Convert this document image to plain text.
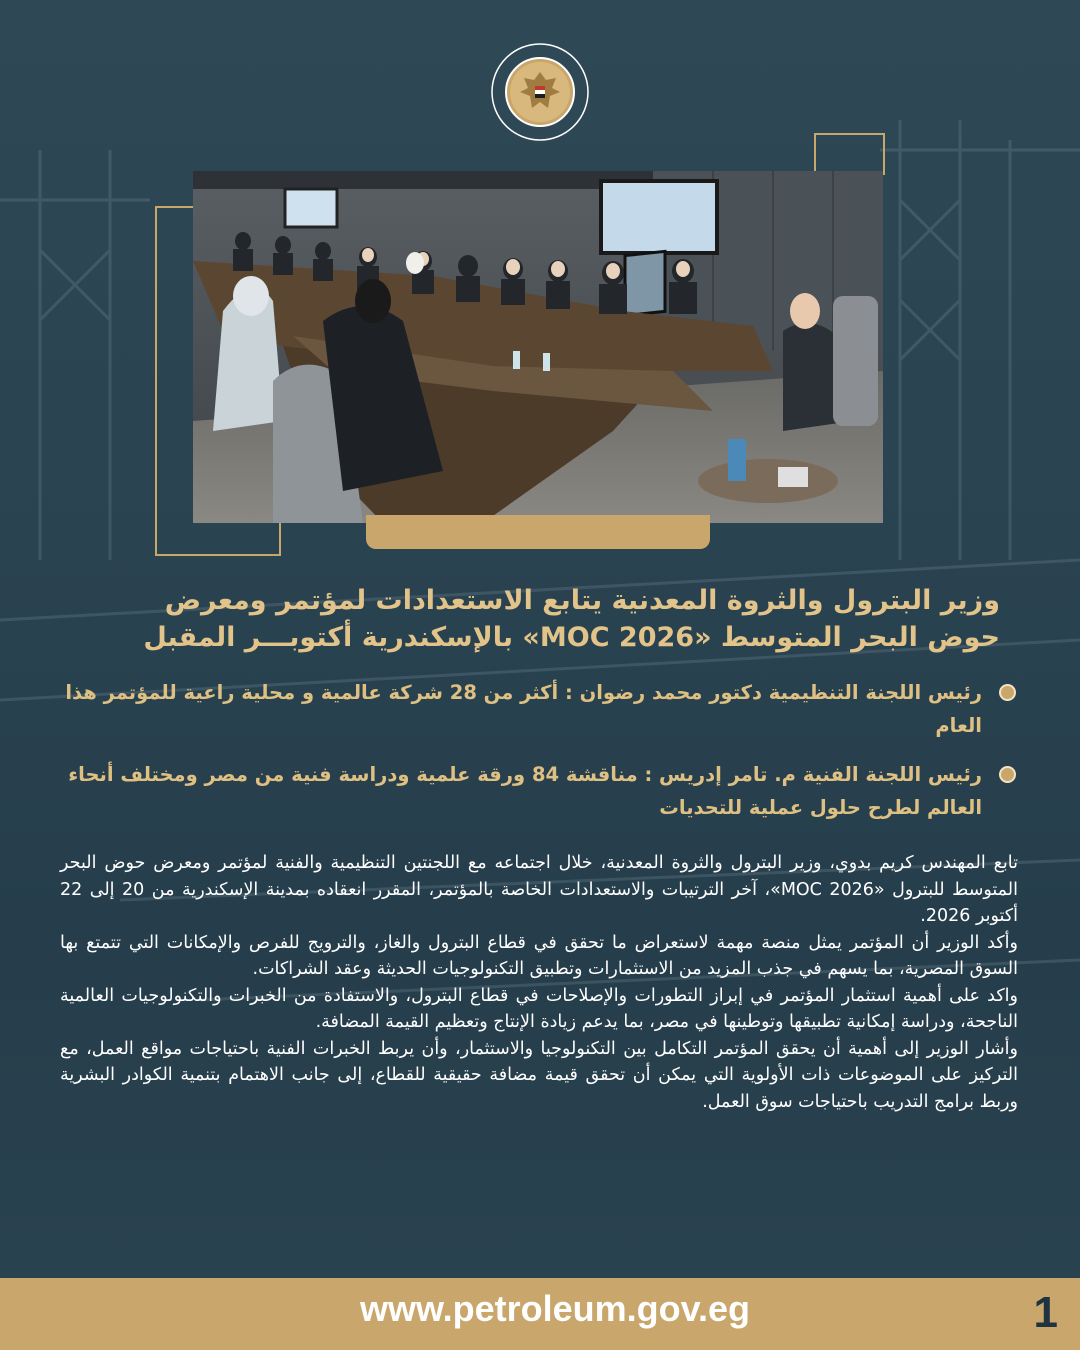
وزير البترول والثروة المعدنية يتابع الاستعدادات لمؤتمر ومعرض
حوض البحر المتوسط «MOC 2026» بالإسكندرية أكتوبـــر المقبل
رئيس اللجنة التنظيمية دكتور محمد رضوان : أكثر من 28 شركة عالمية و محلية راعية للمؤتمر هذا العام
رئيس اللجنة الفنية م. تامر إدريس : مناقشة 84 ورقة علمية ودراسة فنية من مصر ومختلف أنحاء العالم لطرح حلول عملية للتحديات

تابع المهندس كريم بدوي، وزير البترول والثروة المعدنية، خلال اجتماعه مع اللجنتين التنظيمية والفنية لمؤتمر ومعرض حوض البحر المتوسط للبترول «MOC 2026»، آخر الترتيبات والاستعدادات الخاصة بالمؤتمر، المقرر انعقاده بمدينة الإسكندرية من 20 إلى 22 أكتوبر 2026.

وأكد الوزير أن المؤتمر يمثل منصة مهمة لاستعراض ما تحقق في قطاع البترول والغاز، والترويج للفرص والإمكانات التي تتمتع بها السوق المصرية، بما يسهم في جذب المزيد من الاستثمارات وتطبيق التكنولوجيات الحديثة وعقد الشراكات.

واكد على أهمية استثمار المؤتمر في إبراز التطورات والإصلاحات في قطاع البترول، والاستفادة من الخبرات والتكنولوجيات العالمية الناجحة، ودراسة إمكانية تطبيقها وتوطينها في مصر، بما يدعم زيادة الإنتاج وتعظيم القيمة المضافة.

وأشار الوزير إلى أهمية أن يحقق المؤتمر التكامل بين التكنولوجيا والاستثمار، وأن يربط الخبرات الفنية باحتياجات مواقع العمل، مع التركيز على الموضوعات ذات الأولوية التي يمكن أن تحقق قيمة مضافة حقيقية للقطاع، إلى جانب الاهتمام بتنمية الكوادر البشرية وربط برامج التدريب باحتياجات سوق العمل.

www.petroleum.gov.eg	1
